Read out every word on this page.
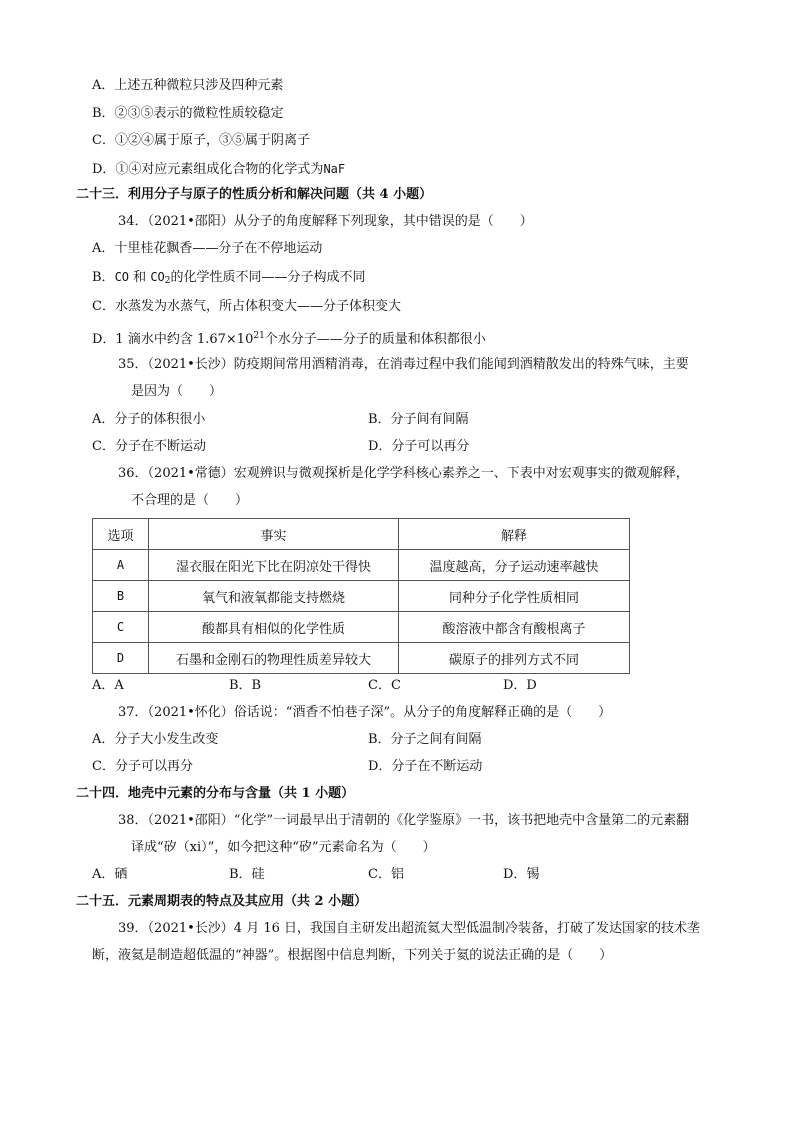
A．上述五种微粒只涉及四种元素
B．②③⑤表示的微粒性质较稳定
C．①②④属于原子，③⑤属于阴离子
D．①④对应元素组成化合物的化学式为NaF
二十三．利用分子与原子的性质分析和解决问题（共 4 小题）
34．（2021•邵阳）从分子的角度解释下列现象，其中错误的是（　　）
A．十里桂花飘香——分子在不停地运动
B．CO 和 $CO_2$的化学性质不同——分子构成不同
C．水蒸发为水蒸气，所占体积变大——分子体积变大
D．1 滴水中约含 $1.67\times 10^{21}$个水分子——分子的质量和体积都很小
35．（2021•长沙）防疫期间常用酒精消毒，在消毒过程中我们能闻到酒精散发出的特殊气味，主要
是因为（　　）
A．分子的体积很小	B．分子间有间隔
C．分子在不断运动	D．分子可以再分
36．（2021•常德）宏观辨识与微观探析是化学学科核心素养之一、下表中对宏观事实的微观解释，
不合理的是（　　）
选项	事实	解释
A	湿衣服在阳光下比在阴凉处干得快	温度越高，分子运动速率越快
B	氧气和液氧都能支持燃烧	同种分子化学性质相同
C	酸都具有相似的化学性质	酸溶液中都含有酸根离子
D	石墨和金刚石的物理性质差异较大	碳原子的排列方式不同
A．A	B．B	C．C	D．D
37．（2021•怀化）俗话说：“酒香不怕巷子深”。从分子的角度解释正确的是（　　）
A．分子大小发生改变	B．分子之间有间隔
C．分子可以再分	D．分子在不断运动
二十四．地壳中元素的分布与含量（共 1 小题）
38．（2021•邵阳）“化学”一词最早出于清朝的《化学鉴原》一书，该书把地壳中含量第二的元素翻
译成“矽（xi）”，如今把这种“矽”元素命名为（　　）
A．硒	B．硅	C．铝	D．锡
二十五．元素周期表的特点及其应用（共 2 小题）
39．（2021•长沙）4 月 16 日，我国自主研发出超流氦大型低温制冷装备，打破了发达国家的技术垄
断，液氦是制造超低温的“神器”。根据图中信息判断，下列关于氦的说法正确的是（　　）
